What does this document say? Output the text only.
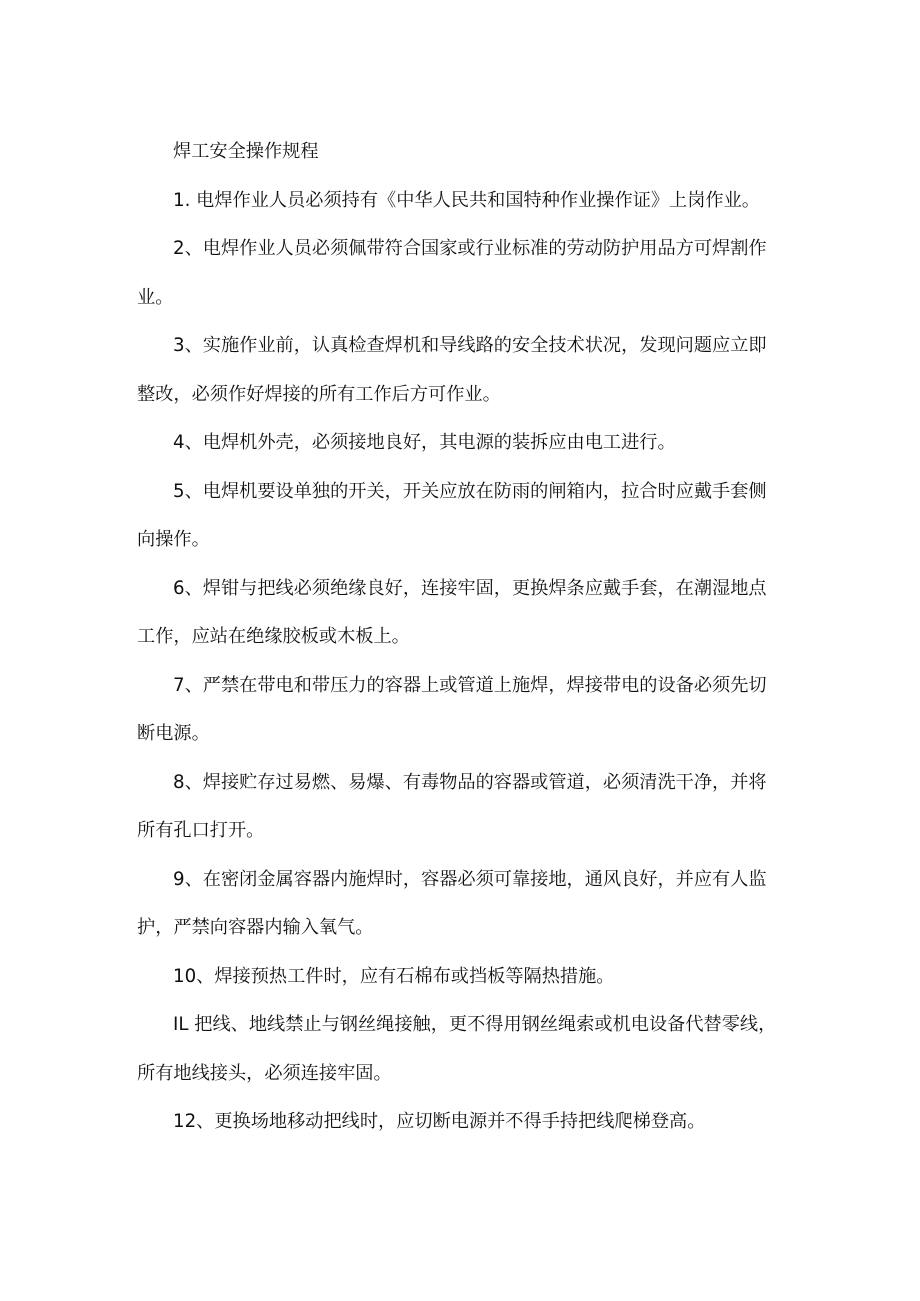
焊工安全操作规程

1. 电焊作业人员必须持有《中华人民共和国特种作业操作证》上岗作业。

2、电焊作业人员必须佩带符合国家或行业标准的劳动防护用品方可焊割作
业。

3、实施作业前，认真检查焊机和导线路的安全技术状况，发现问题应立即
整改，必须作好焊接的所有工作后方可作业。

4、电焊机外壳，必须接地良好，其电源的装拆应由电工进行。

5、电焊机要设单独的开关，开关应放在防雨的闸箱内，拉合时应戴手套侧
向操作。

6、焊钳与把线必须绝缘良好，连接牢固，更换焊条应戴手套，在潮湿地点
工作，应站在绝缘胶板或木板上。

7、严禁在带电和带压力的容器上或管道上施焊，焊接带电的设备必须先切
断电源。

8、焊接贮存过易燃、易爆、有毒物品的容器或管道，必须清洗干净，并将
所有孔口打开。

9、在密闭金属容器内施焊时，容器必须可靠接地，通风良好，并应有人监
护，严禁向容器内输入氧气。

10、焊接预热工件时，应有石棉布或挡板等隔热措施。

IL 把线、地线禁止与钢丝绳接触，更不得用钢丝绳索或机电设备代替零线，
所有地线接头，必须连接牢固。

12、更换场地移动把线时，应切断电源并不得手持把线爬梯登高。
